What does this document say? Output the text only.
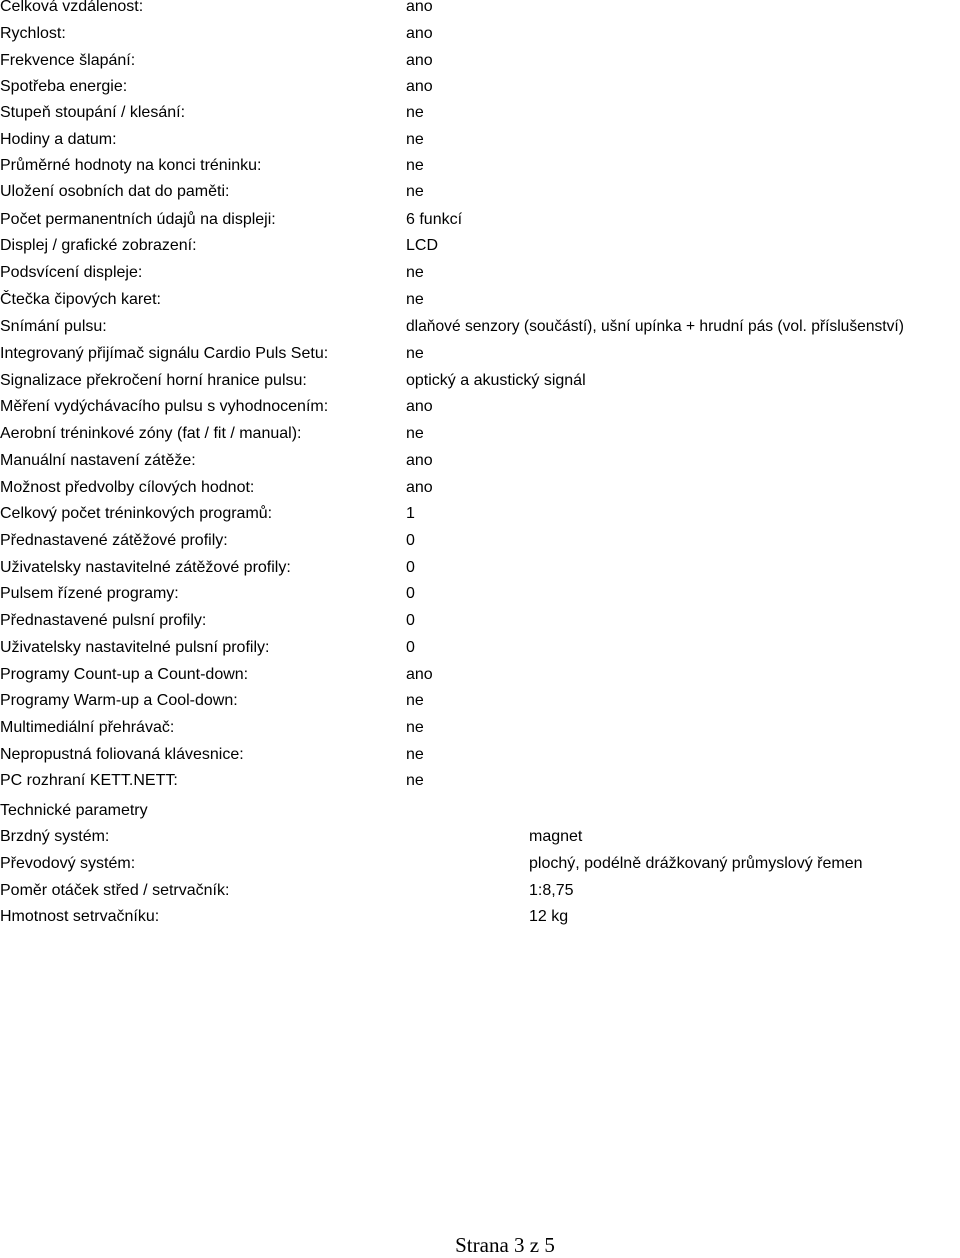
Celková vzdálenost:	ano
Rychlost:	ano
Frekvence šlapání:	ano
Spotřeba energie:	ano
Stupeň stoupání / klesání:	ne
Hodiny a datum:	ne
Průměrné hodnoty na konci tréninku:	ne
Uložení osobních dat do paměti:	ne
Počet permanentních údajů na displeji:	6 funkcí
Displej / grafické zobrazení:	LCD
Podsvícení displeje:	ne
Čtečka čipových karet:	ne
Snímání pulsu:	dlaňové senzory (součástí), ušní upínka + hrudní pás (vol. příslušenství)
Integrovaný přijímač signálu Cardio Puls Setu:	ne
Signalizace překročení horní hranice pulsu:	optický a akustický signál
Měření vydýchávacího pulsu s vyhodnocením:	ano
Aerobní tréninkové zóny (fat / fit / manual):	ne
Manuální nastavení zátěže:	ano
Možnost předvolby cílových hodnot:	ano
Celkový počet tréninkových programů:	1
Přednastavené zátěžové profily:	0
Uživatelsky nastavitelné zátěžové profily:	0
Pulsem řízené programy:	0
Přednastavené pulsní profily:	0
Uživatelsky nastavitelné pulsní profily:	0
Programy Count-up a Count-down:	ano
Programy Warm-up a Cool-down:	ne
Multimediální přehrávač:	ne
Nepropustná foliovaná klávesnice:	ne
PC rozhraní KETT.NETT:	ne
Technické parametry
Brzdný systém:	magnet
Převodový systém:	plochý, podélně drážkovaný průmyslový řemen
Poměr otáček střed / setrvačník:	1:8,75
Hmotnost setrvačníku:	12 kg
Strana 3 z 5
